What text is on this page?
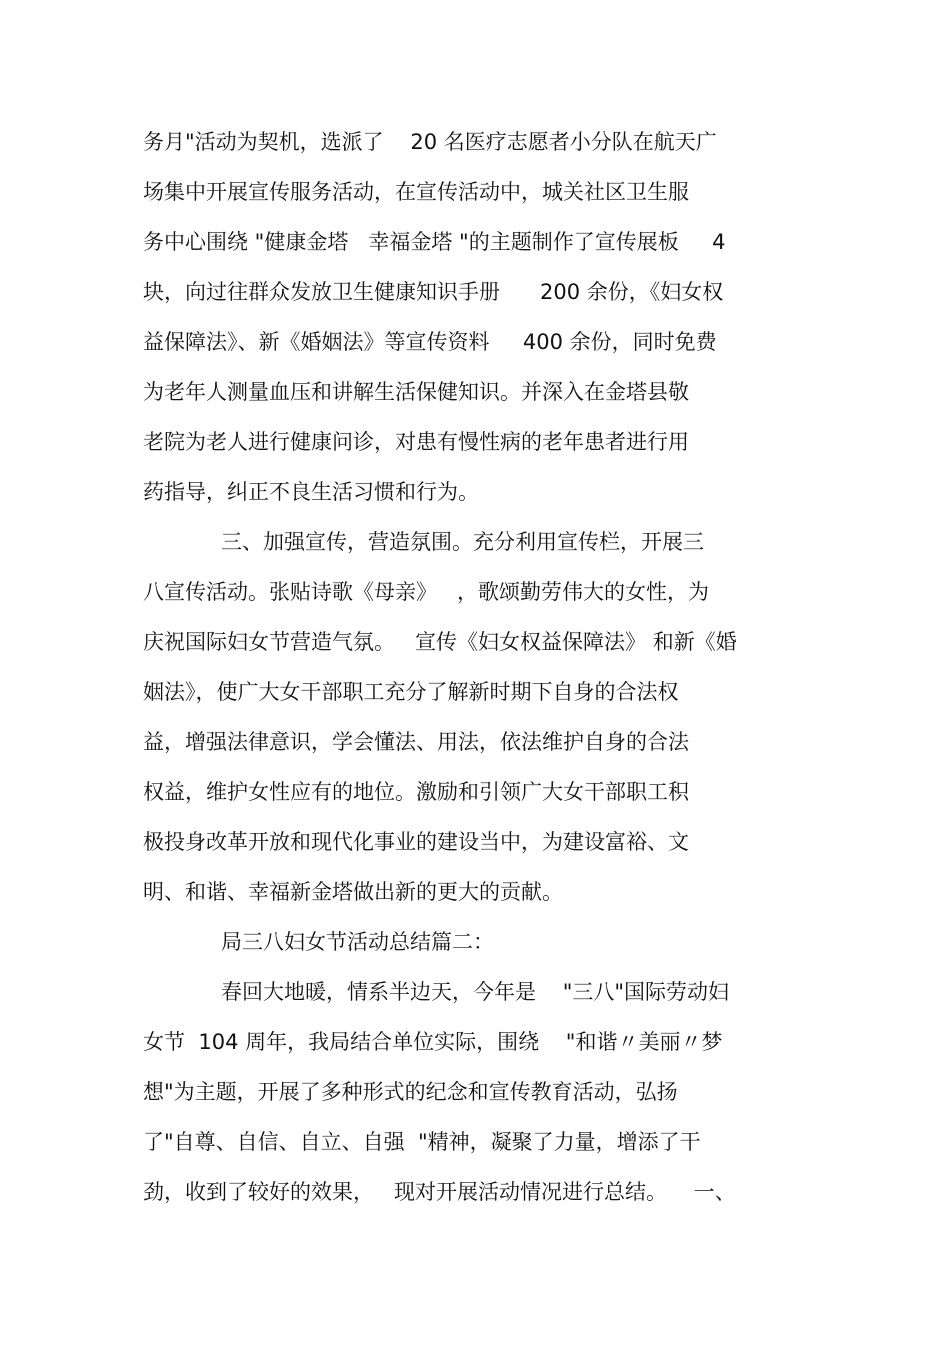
务月"活动为契机，选派了    20 名医疗志愿者小分队在航天广
场集中开展宣传服务活动，在宣传活动中，城关社区卫生服
务中心围绕 "健康金塔   幸福金塔 "的主题制作了宣传展板     4
块，向过往群众发放卫生健康知识手册      200 余份，《妇女权
益保障法》、新《婚姻法》等宣传资料     400 余份，同时免费
为老年人测量血压和讲解生活保健知识。并深入在金塔县敬
老院为老人进行健康问诊，对患有慢性病的老年患者进行用
药指导，纠正不良生活习惯和行为。
三、加强宣传，营造氛围。充分利用宣传栏，开展三
八宣传活动。张贴诗歌《母亲》   ，歌颂勤劳伟大的女性，为
庆祝国际妇女节营造气氛。   宣传《妇女权益保障法》 和新《婚
姻法》，使广大女干部职工充分了解新时期下自身的合法权
益，增强法律意识，学会懂法、用法，依法维护自身的合法
权益，维护女性应有的地位。激励和引领广大女干部职工积
极投身改革开放和现代化事业的建设当中，为建设富裕、文
明、和谐、幸福新金塔做出新的更大的贡献。
局三八妇女节活动总结篇二：
春回大地暖，情系半边天，今年是    "三八"国际劳动妇
女节  104 周年，我局结合单位实际，围绕    "和谐〃美丽〃梦
想"为主题，开展了多种形式的纪念和宣传教育活动，弘扬
了"自尊、自信、自立、自强  "精神，凝聚了力量，增添了干
劲，收到了较好的效果，   现对开展活动情况进行总结。    一、
